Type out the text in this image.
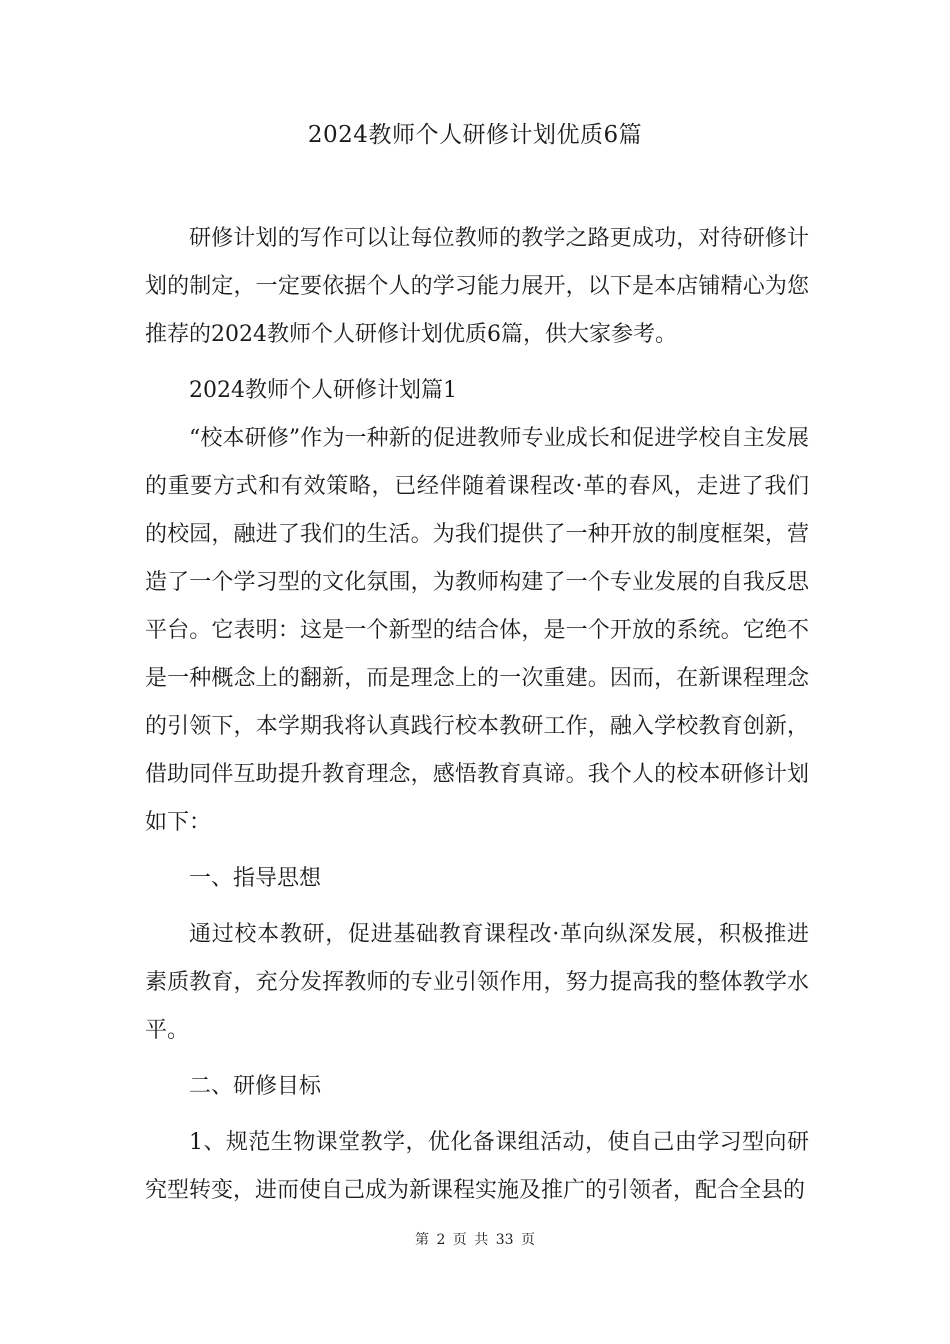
2024教师个人研修计划优质6篇

研修计划的写作可以让每位教师的教学之路更成功，对待研修计划的制定，一定要依据个人的学习能力展开，以下是本店铺精心为您推荐的2024教师个人研修计划优质6篇，供大家参考。

2024教师个人研修计划篇1

“校本研修”作为一种新的促进教师专业成长和促进学校自主发展的重要方式和有效策略，已经伴随着课程改·革的春风，走进了我们的校园，融进了我们的生活。为我们提供了一种开放的制度框架，营造了一个学习型的文化氛围，为教师构建了一个专业发展的自我反思平台。它表明：这是一个新型的结合体，是一个开放的系统。它绝不是一种概念上的翻新，而是理念上的一次重建。因而，在新课程理念的引领下，本学期我将认真践行校本教研工作，融入学校教育创新，借助同伴互助提升教育理念，感悟教育真谛。我个人的校本研修计划如下：

一、指导思想

通过校本教研，促进基础教育课程改·革向纵深发展，积极推进素质教育，充分发挥教师的专业引领作用，努力提高我的整体教学水平。

二、研修目标

1、规范生物课堂教学，优化备课组活动，使自己由学习型向研究型转变，进而使自己成为新课程实施及推广的引领者，配合全县的

第 2 页 共 33 页
